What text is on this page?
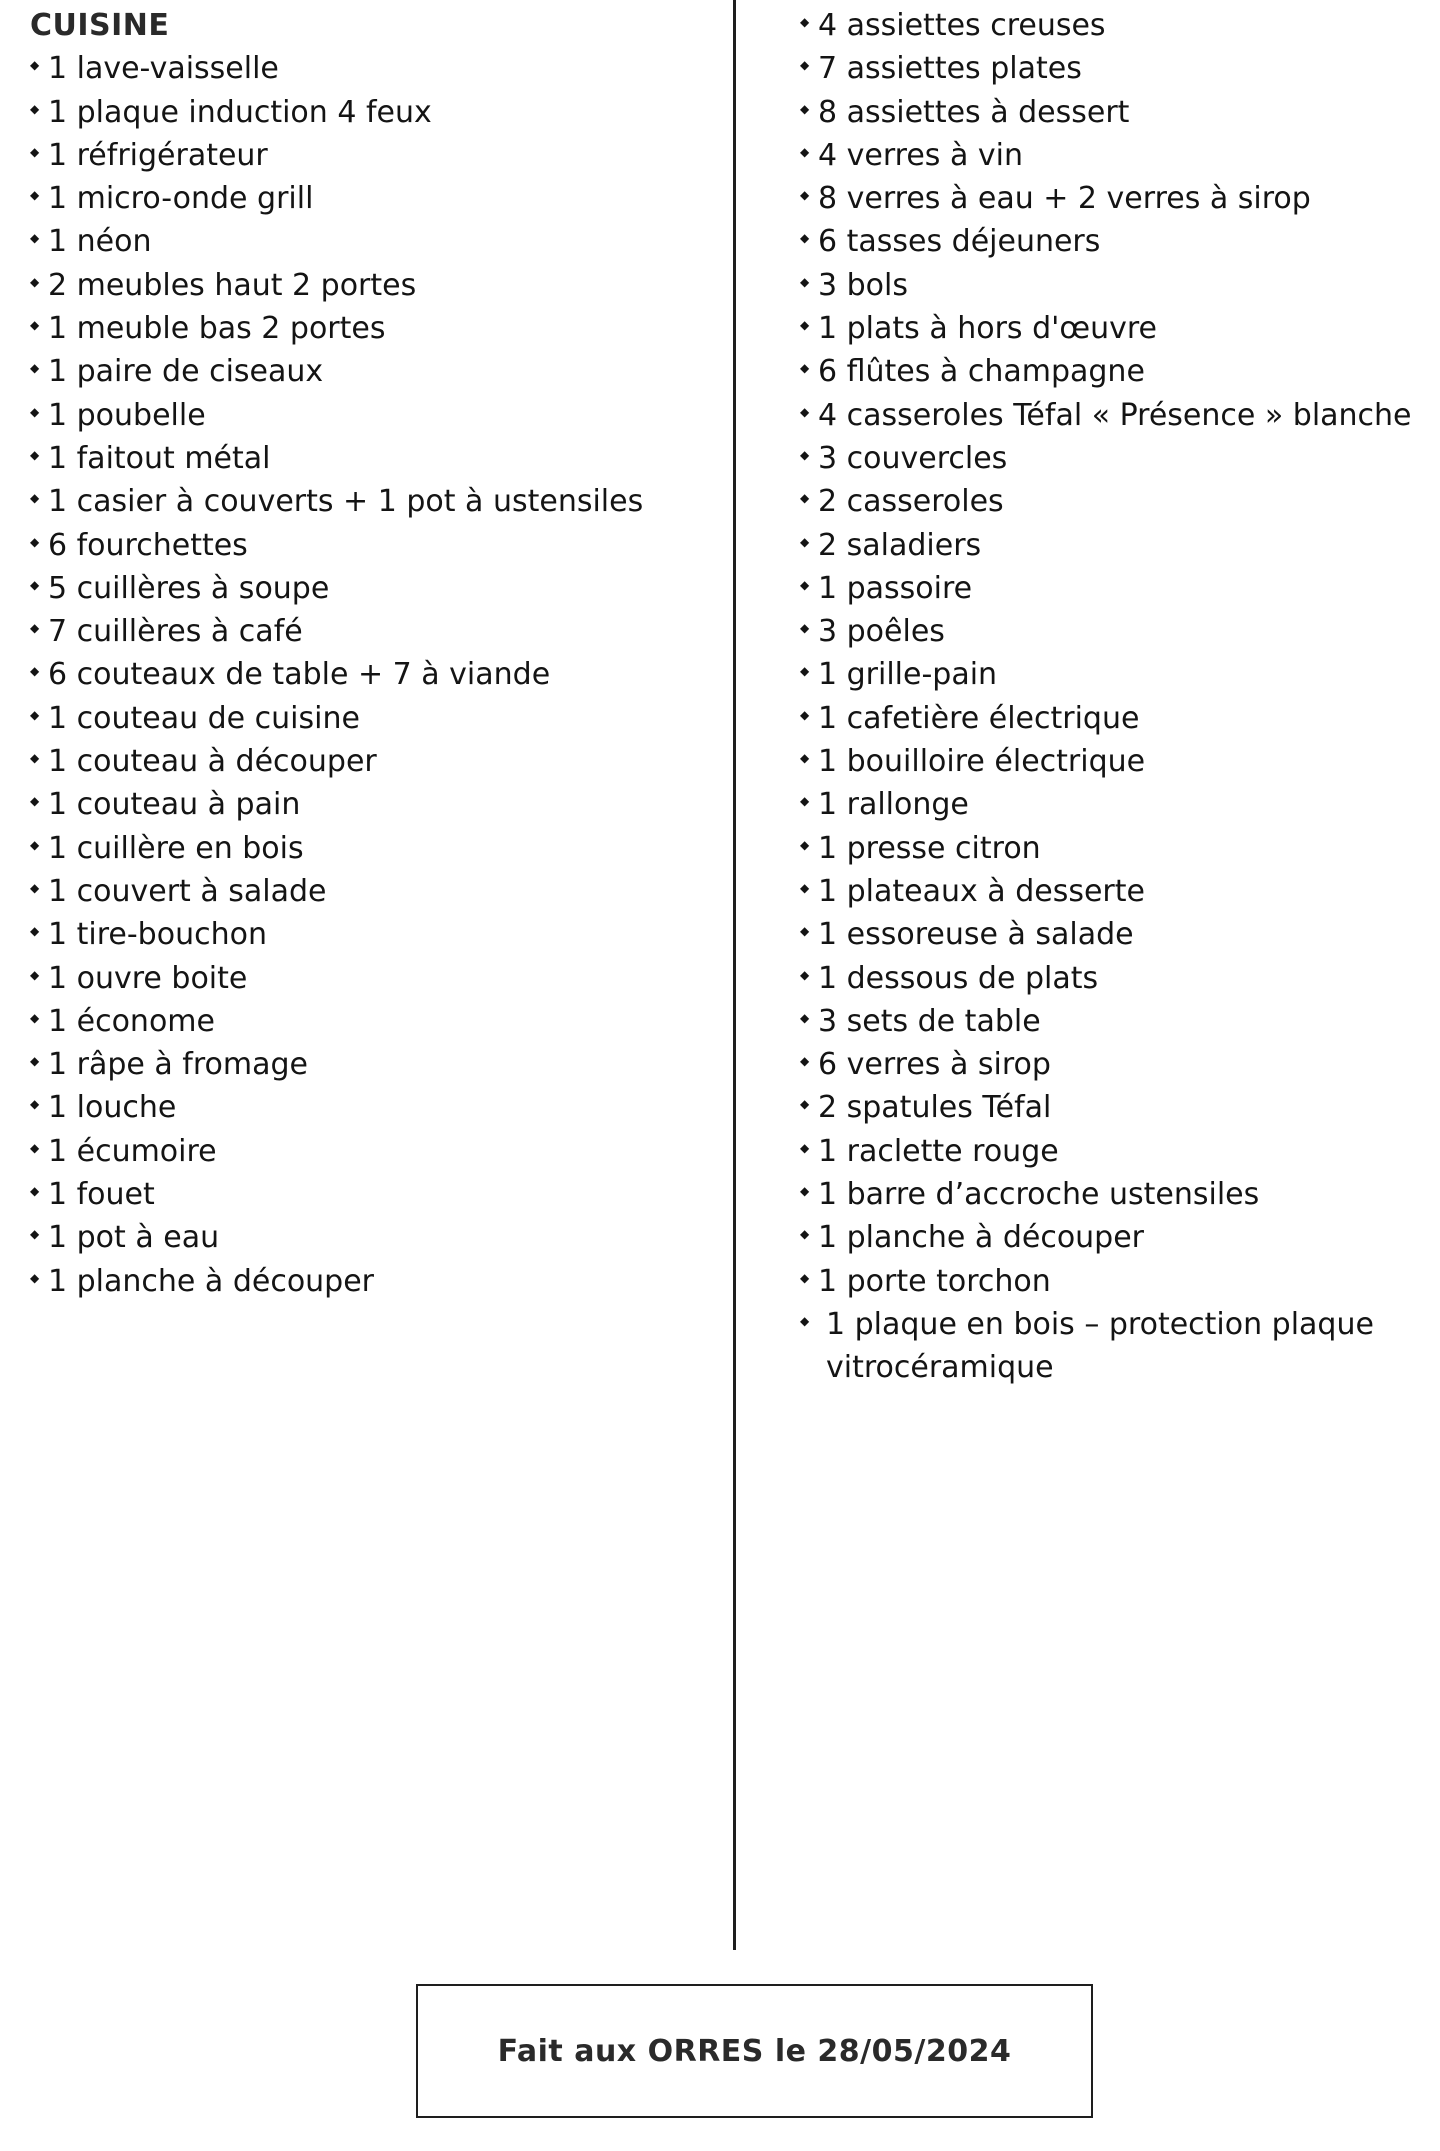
CUISINE
◆ 1 lave-vaisselle
◆ 1 plaque induction 4 feux
◆ 1 réfrigérateur
◆ 1 micro-onde grill
◆ 1 néon
◆ 2 meubles haut 2 portes
◆ 1 meuble bas 2 portes
◆ 1 paire de ciseaux
◆ 1 poubelle
◆ 1 faitout métal
◆ 1 casier à couverts + 1 pot à ustensiles
◆ 6 fourchettes
◆ 5 cuillères à soupe
◆ 7 cuillères à café
◆ 6 couteaux de table + 7 à viande
◆ 1 couteau de cuisine
◆ 1 couteau à découper
◆ 1 couteau à pain
◆ 1 cuillère en bois
◆ 1 couvert à salade
◆ 1 tire-bouchon
◆ 1 ouvre boite
◆ 1 économe
◆ 1 râpe à fromage
◆ 1 louche
◆ 1 écumoire
◆ 1 fouet
◆ 1 pot à eau
◆ 1 planche à découper
◆ 4 assiettes creuses
◆ 7 assiettes plates
◆ 8 assiettes à dessert
◆ 4 verres à vin
◆ 8 verres à eau + 2 verres à sirop
◆ 6 tasses déjeuners
◆ 3 bols
◆ 1 plats à hors d'œuvre
◆ 6 flûtes à champagne
◆ 4 casseroles Téfal « Présence » blanche
◆ 3 couvercles
◆ 2 casseroles
◆ 2 saladiers
◆ 1 passoire
◆ 3 poêles
◆ 1 grille-pain
◆ 1 cafetière électrique
◆ 1 bouilloire électrique
◆ 1 rallonge
◆ 1 presse citron
◆ 1 plateaux à desserte
◆ 1 essoreuse à salade
◆ 1 dessous de plats
◆ 3 sets de table
◆ 6 verres à sirop
◆ 2 spatules Téfal
◆ 1 raclette rouge
◆ 1 barre d’accroche ustensiles
◆ 1 planche à découper
◆ 1 porte torchon
◆ 1 plaque en bois – protection plaque vitrocéramique
Fait aux ORRES le 28/05/2024
